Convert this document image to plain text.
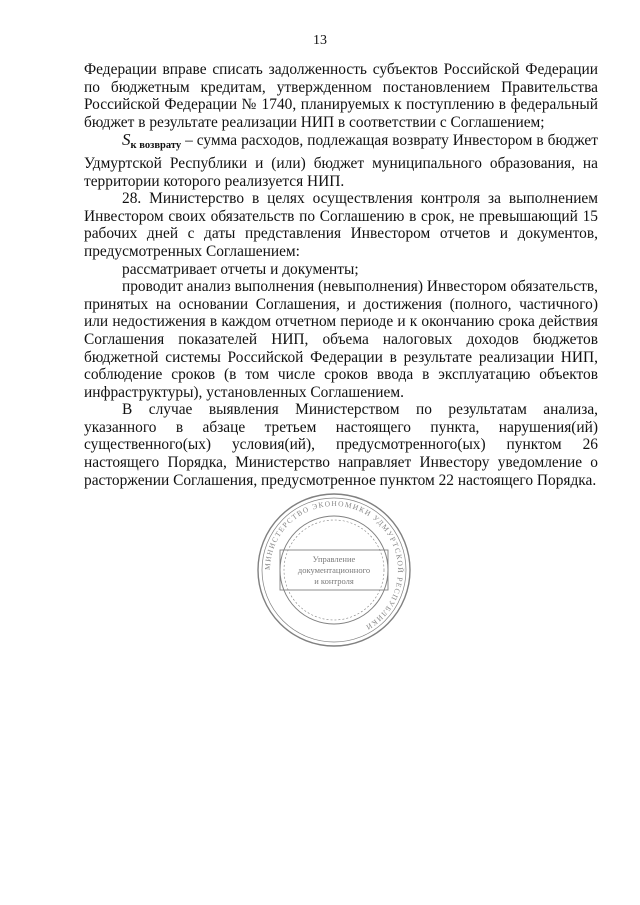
13

Федерации вправе списать задолженность субъектов Российской Федерации по бюджетным кредитам, утвержденном постановлением Правительства Российской Федерации № 1740, планируемых к поступлению в федеральный бюджет в результате реализации НИП в соответствии с Соглашением;

$S_{к возврату}$ – сумма расходов, подлежащая возврату Инвестором в бюджет Удмуртской Республики и (или) бюджет муниципального образования, на территории которого реализуется НИП.

28. Министерство в целях осуществления контроля за выполнением Инвестором своих обязательств по Соглашению в срок, не превышающий 15 рабочих дней с даты представления Инвестором отчетов и документов, предусмотренных Соглашением:

рассматривает отчеты и документы;

проводит анализ выполнения (невыполнения) Инвестором обязательств, принятых на основании Соглашения, и достижения (полного, частичного) или недостижения в каждом отчетном периоде и к окончанию срока действия Соглашения показателей НИП, объема налоговых доходов бюджетов бюджетной системы Российской Федерации в результате реализации НИП, соблюдение сроков (в том числе сроков ввода в эксплуатацию объектов инфраструктуры), установленных Соглашением.

В случае выявления Министерством по результатам анализа, указанного в абзаце третьем настоящего пункта, нарушения(ий) существенного(ых) условия(ий), предусмотренного(ых) пунктом 26 настоящего Порядка, Министерство направляет Инвестору уведомление о расторжении Соглашения, предусмотренное пунктом 22 настоящего Порядка.

МИНИСТЕРСТВО ЭКОНОМИКИ УДМУРТСКОЙ РЕСПУБЛИКИ
Управление
документационного
и контроля
